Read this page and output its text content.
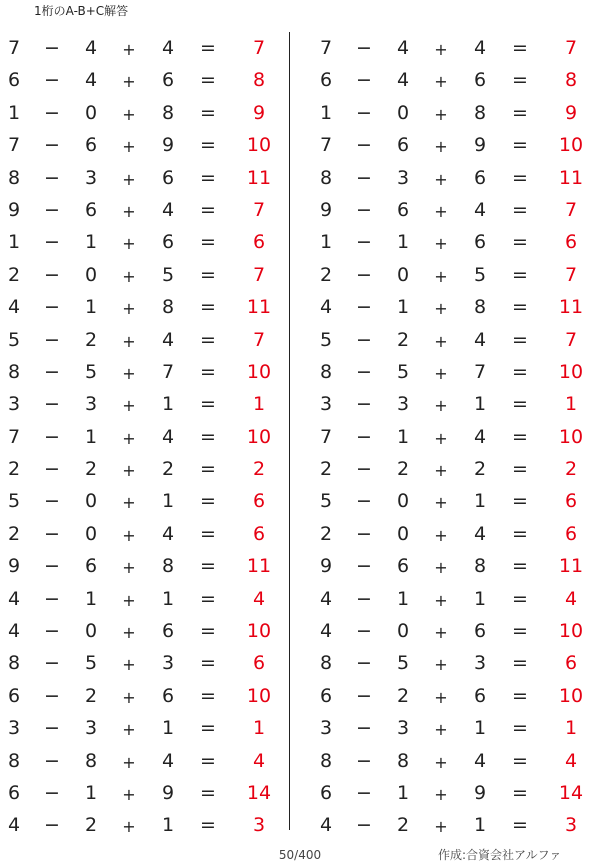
1桁のA-B+C解答
7	−	4	+	4	=	7
6	−	4	+	6	=	8
1	−	0	+	8	=	9
7	−	6	+	9	=	10
8	−	3	+	6	=	11
9	−	6	+	4	=	7
1	−	1	+	6	=	6
2	−	0	+	5	=	7
4	−	1	+	8	=	11
5	−	2	+	4	=	7
8	−	5	+	7	=	10
3	−	3	+	1	=	1
7	−	1	+	4	=	10
2	−	2	+	2	=	2
5	−	0	+	1	=	6
2	−	0	+	4	=	6
9	−	6	+	8	=	11
4	−	1	+	1	=	4
4	−	0	+	6	=	10
8	−	5	+	3	=	6
6	−	2	+	6	=	10
3	−	3	+	1	=	1
8	−	8	+	4	=	4
6	−	1	+	9	=	14
4	−	2	+	1	=	3
7	−	4	+	4	=	7
6	−	4	+	6	=	8
1	−	0	+	8	=	9
7	−	6	+	9	=	10
8	−	3	+	6	=	11
9	−	6	+	4	=	7
1	−	1	+	6	=	6
2	−	0	+	5	=	7
4	−	1	+	8	=	11
5	−	2	+	4	=	7
8	−	5	+	7	=	10
3	−	3	+	1	=	1
7	−	1	+	4	=	10
2	−	2	+	2	=	2
5	−	0	+	1	=	6
2	−	0	+	4	=	6
9	−	6	+	8	=	11
4	−	1	+	1	=	4
4	−	0	+	6	=	10
8	−	5	+	3	=	6
6	−	2	+	6	=	10
3	−	3	+	1	=	1
8	−	8	+	4	=	4
6	−	1	+	9	=	14
4	−	2	+	1	=	3
50/400	作成:合資会社アルファ
